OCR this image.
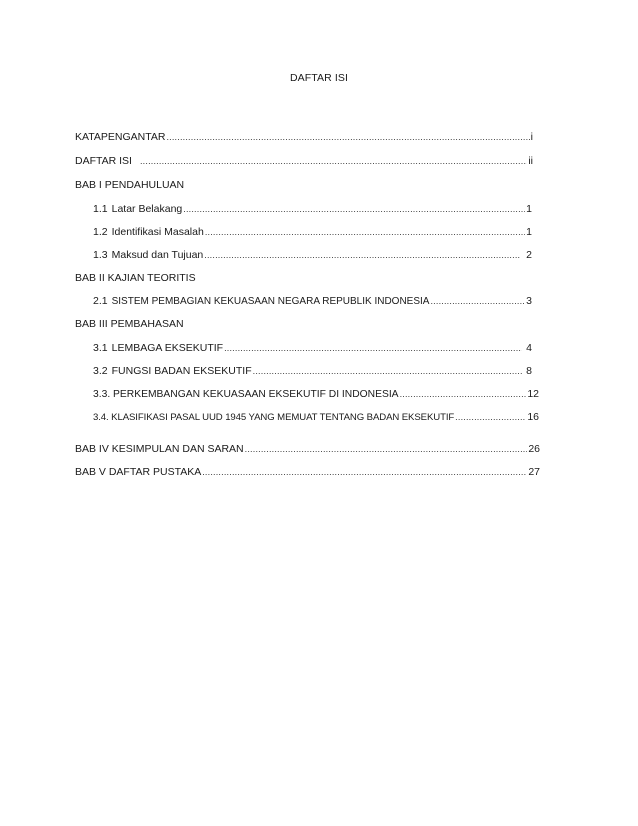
DAFTAR ISI
KATAPENGANTAR .....	i
DAFTAR ISI .....	ii
BAB I PENDAHULUAN
1.1 Latar Belakang .....	1
1.2 Identifikasi Masalah .....	1
1.3 Maksud dan Tujuan .....	2
BAB II KAJIAN TEORITIS
2.1 SISTEM PEMBAGIAN KEKUASAAN NEGARA REPUBLIK INDONESIA .....	3
BAB III PEMBAHASAN
3.1 LEMBAGA EKSEKUTIF .....	4
3.2 FUNGSI BADAN EKSEKUTIF .....	8
3.3. PERKEMBANGAN KEKUASAAN EKSEKUTIF DI INDONESIA .....	12
3.4. KLASIFIKASI PASAL UUD 1945 YANG MEMUAT TENTANG BADAN EKSEKUTIF .....	16
BAB IV KESIMPULAN DAN SARAN .....	26
BAB V DAFTAR PUSTAKA .....	27
